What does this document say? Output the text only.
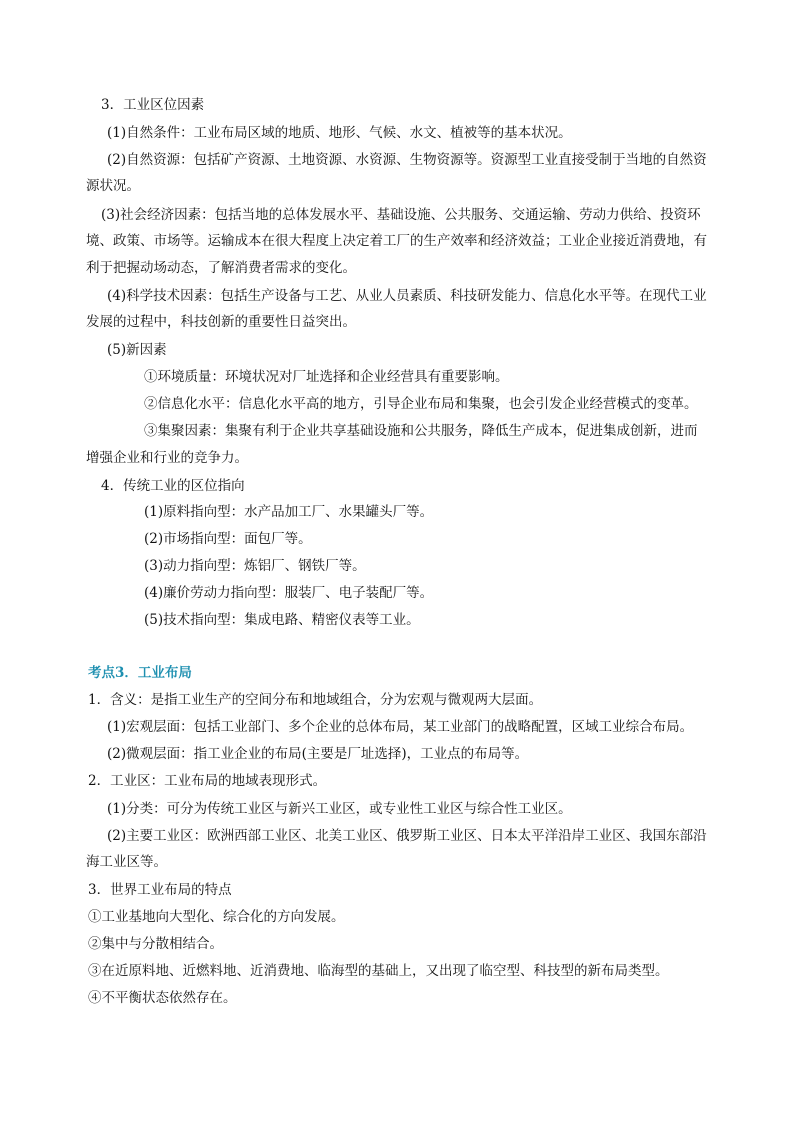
3．工业区位因素
(1)自然条件：工业布局区域的地质、地形、气候、水文、植被等的基本状况。
(2)自然资源：包括矿产资源、土地资源、水资源、生物资源等。资源型工业直接受制于当地的自然资
源状况。
(3)社会经济因素：包括当地的总体发展水平、基础设施、公共服务、交通运输、劳动力供给、投资环
境、政策、市场等。运输成本在很大程度上决定着工厂的生产效率和经济效益；工业企业接近消费地，有
利于把握动场动态，了解消费者需求的变化。
(4)科学技术因素：包括生产设备与工艺、从业人员素质、科技研发能力、信息化水平等。在现代工业
发展的过程中，科技创新的重要性日益突出。
(5)新因素
①环境质量：环境状况对厂址选择和企业经营具有重要影响。
②信息化水平：信息化水平高的地方，引导企业布局和集聚，也会引发企业经营模式的变革。
③集聚因素：集聚有利于企业共享基础设施和公共服务，降低生产成本，促进集成创新，进而
增强企业和行业的竞争力。
4．传统工业的区位指向
(1)原料指向型：水产品加工厂、水果罐头厂等。
(2)市场指向型：面包厂等。
(3)动力指向型：炼铝厂、钢铁厂等。
(4)廉价劳动力指向型：服装厂、电子装配厂等。
(5)技术指向型：集成电路、精密仪表等工业。
考点3．工业布局
1．含义：是指工业生产的空间分布和地域组合，分为宏观与微观两大层面。
(1)宏观层面：包括工业部门、多个企业的总体布局，某工业部门的战略配置，区域工业综合布局。
(2)微观层面：指工业企业的布局(主要是厂址选择)，工业点的布局等。
2．工业区：工业布局的地域表现形式。
(1)分类：可分为传统工业区与新兴工业区，或专业性工业区与综合性工业区。
(2)主要工业区：欧洲西部工业区、北美工业区、俄罗斯工业区、日本太平洋沿岸工业区、我国东部沿
海工业区等。
3．世界工业布局的特点
①工业基地向大型化、综合化的方向发展。
②集中与分散相结合。
③在近原料地、近燃料地、近消费地、临海型的基础上，又出现了临空型、科技型的新布局类型。
④不平衡状态依然存在。
